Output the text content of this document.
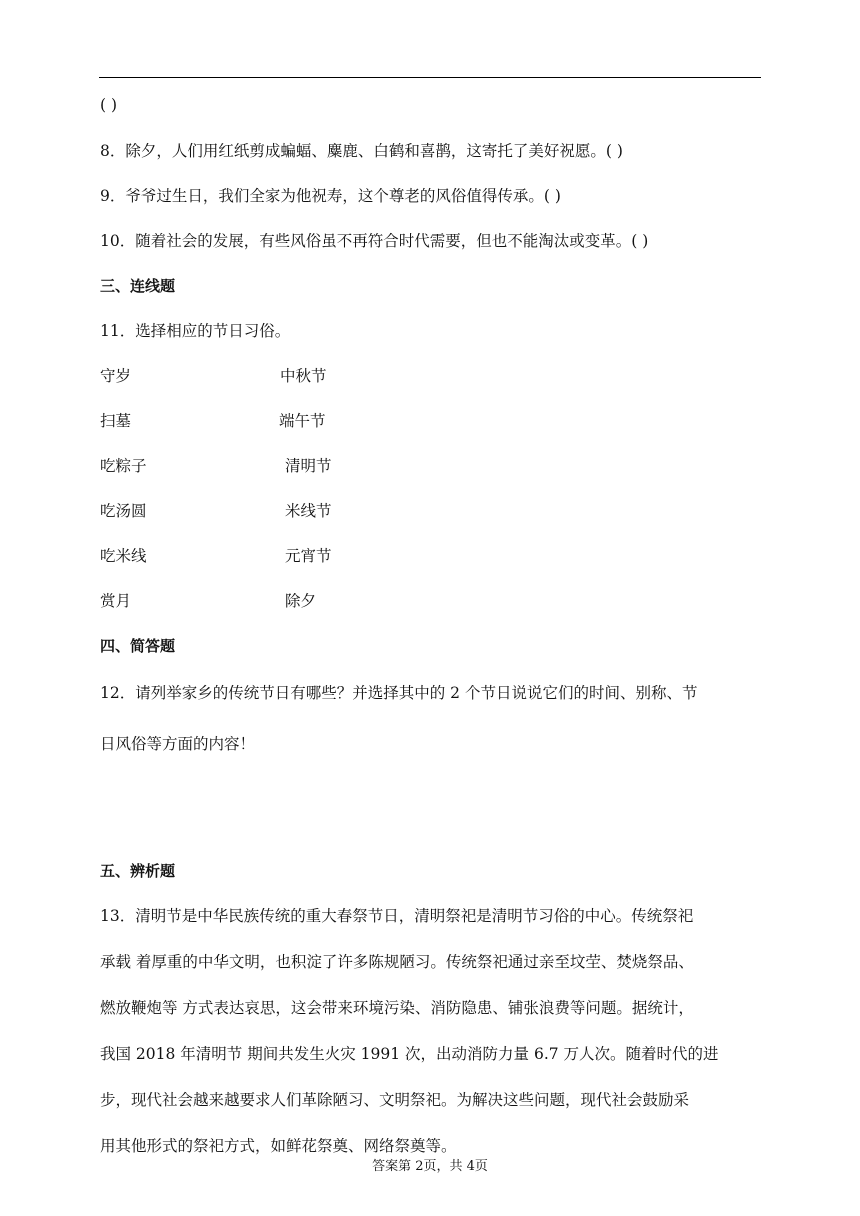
( )
8．除夕，人们用红纸剪成蝙蝠、麋鹿、白鹤和喜鹊，这寄托了美好祝愿。( )
9．爷爷过生日，我们全家为他祝寿，这个尊老的风俗值得传承。( )
10．随着社会的发展，有些风俗虽不再符合时代需要，但也不能淘汰或变革。( )
三、连线题
11．选择相应的节日习俗。
守岁	中秋节
扫墓	端午节
吃粽子	清明节
吃汤圆	米线节
吃米线	元宵节
赏月	除夕
四、简答题
12．请列举家乡的传统节日有哪些？并选择其中的 2 个节日说说它们的时间、别称、节
日风俗等方面的内容！
五、辨析题
13．清明节是中华民族传统的重大春祭节日，清明祭祀是清明节习俗的中心。传统祭祀
承载 着厚重的中华文明，也积淀了许多陈规陋习。传统祭祀通过亲至坟茔、焚烧祭品、
燃放鞭炮等 方式表达哀思，这会带来环境污染、消防隐患、铺张浪费等问题。据统计，
我国 2018 年清明节 期间共发生火灾 1991 次，出动消防力量 6.7 万人次。随着时代的进
步，现代社会越来越要求人们革除陋习、文明祭祀。为解决这些问题，现代社会鼓励采
用其他形式的祭祀方式，如鲜花祭奠、网络祭奠等。
答案第 2页，共 4页
